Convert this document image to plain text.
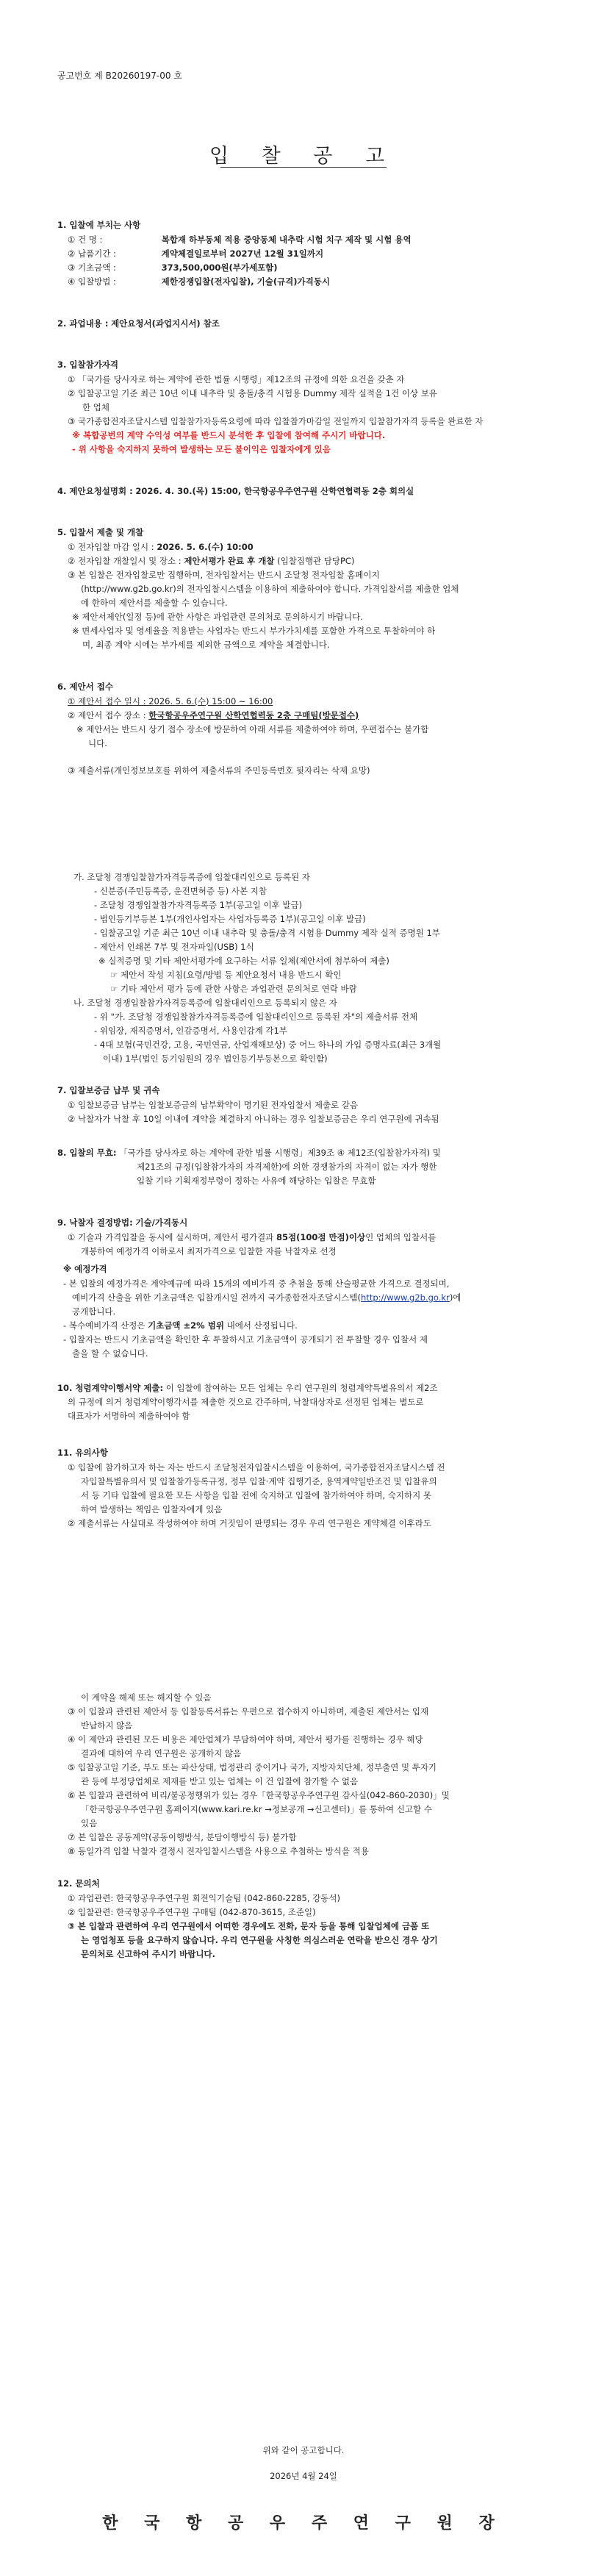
공고번호 제 B20260197-00 호
입 찰 공 고
1. 입찰에 부치는 사항
① 건 명 :	복합재 하부동체 적용 중앙동체 내추락 시험 치구 제작 및 시험 용역
② 납품기간 :	계약체결일로부터 2027년 12월 31일까지
③ 기초금액 :	373,500,000원(부가세포함)
④ 입찰방법 :	제한경쟁입찰(전자입찰), 기술(규격)가격동시
2. 과업내용 : 제안요청서(과업지시서) 참조
3. 입찰참가자격
① 「국가를 당사자로 하는 계약에 관한 법률 시행령」제12조의 규정에 의한 요건을 갖춘 자
② 입찰공고일 기준 최근 10년 이내 내추락 및 충돌/충격 시험용 Dummy 제작 실적을 1건 이상 보유
한 업체
③ 국가종합전자조달시스템 입찰참가자등록요령에 따라 입찰참가마감일 전일까지 입찰참가자격 등록을 완료한 자
※ 복합공번의 계약 수익성 여부를 반드시 분석한 후 입찰에 참여해 주시기 바랍니다.
- 위 사항을 숙지하지 못하여 발생하는 모든 불이익은 입찰자에게 있음
4. 제안요청설명회 : 2026. 4. 30.(목) 15:00, 한국항공우주연구원 산학연협력동 2층 회의실
5. 입찰서 제출 및 개찰
① 전자입찰 마감 일시 : 2026. 5. 6.(수) 10:00
② 전자입찰 개찰일시 및 장소 : 제안서평가 완료 후 개찰 (입찰집행관 담당PC)
③ 본 입찰은 전자입찰로만 집행하며, 전자입찰서는 반드시 조달청 전자입찰 홈페이지
(http://www.g2b.go.kr)의 전자입찰시스템을 이용하여 제출하여야 합니다. 가격입찰서를 제출한 업체
에 한하여 제안서를 제출할 수 있습니다.
※ 제안서제안(일정 등)에 관한 사항은 과업관련 문의처로 문의하시기 바랍니다.
※ 면세사업자 및 영세율을 적용받는 사업자는 반드시 부가가치세를 포함한 가격으로 투찰하여야 하
며, 최종 계약 시에는 부가세를 제외한 금액으로 계약을 체결합니다.
6. 제안서 접수
① 제안서 접수 일시 : 2026. 5. 6.(수) 15:00 ~ 16:00
② 제안서 접수 장소 : 한국항공우주연구원 산학연협력동 2층 구매팀(방문접수)
※ 제안서는 반드시 상기 접수 장소에 방문하여 아래 서류를 제출하여야 하며, 우편접수는 불가합
니다.
③ 제출서류(개인정보보호를 위하여 제출서류의 주민등록번호 뒷자리는 삭제 요망)
가. 조달청 경쟁입찰참가자격등록증에 입찰대리인으로 등록된 자
- 신분증(주민등록증, 운전면허증 등) 사본 지참
- 조달청 경쟁입찰참가자격등록증 1부(공고일 이후 발급)
- 법인등기부등본 1부(개인사업자는 사업자등록증 1부)(공고일 이후 발급)
- 입찰공고일 기준 최근 10년 이내 내추락 및 충돌/충격 시험용 Dummy 제작 실적 증명원 1부
- 제안서 인쇄본 7부 및 전자파일(USB) 1식
※ 실적증명 및 기타 제안서평가에 요구하는 서류 일체(제안서에 첨부하여 제출)
☞ 제안서 작성 지침(요령/방법 등 제안요청서 내용 반드시 확인
☞ 기타 제안서 평가 등에 관한 사항은 과업관련 문의처로 연락 바람
나. 조달청 경쟁입찰참가자격등록증에 입찰대리인으로 등록되지 않은 자
- 위 "가. 조달청 경쟁입찰참가자격등록증에 입찰대리인으로 등록된 자"의 제출서류 전체
- 위임장, 재직증명서, 인감증명서, 사용인감계 각1부
- 4대 보험(국민건강, 고용, 국민연금, 산업재해보상) 중 어느 하나의 가입 증명자료(최근 3개월
이내) 1부(법인 등기임원의 경우 법인등기부등본으로 확인함)
7. 입찰보증금 납부 및 귀속
① 입찰보증금 납부는 입찰보증금의 납부확약이 명기된 전자입찰서 제출로 갈음
② 낙찰자가 낙찰 후 10일 이내에 계약을 체결하지 아니하는 경우 입찰보증금은 우리 연구원에 귀속됨
8. 입찰의 무효: 「국가를 당사자로 하는 계약에 관한 법률 시행령」제39조 ④ 제12조(입찰참가자격) 및
제21조의 규정(입찰참가자의 자격제한)에 의한 경쟁참가의 자격이 없는 자가 행한
입찰 기타 기획재정부령이 정하는 사유에 해당하는 입찰은 무효함
9. 낙찰자 결정방법: 기술/가격동시
① 기술과 가격입찰을 동시에 실시하며, 제안서 평가결과 85점(100점 만점)이상인 업체의 입찰서를
개봉하여 예정가격 이하로서 최저가격으로 입찰한 자를 낙찰자로 선정
※ 예정가격
- 본 입찰의 예정가격은 계약예규에 따라 15개의 예비가격 중 추첨을 통해 산술평균한 가격으로 결정되며,
예비가격 산출을 위한 기초금액은 입찰개시일 전까지 국가종합전자조달시스템(http://www.g2b.go.kr)에
공개합니다.
- 복수예비가격 산정은 기초금액 ±2% 범위 내에서 산정됩니다.
- 입찰자는 반드시 기초금액을 확인한 후 투찰하시고 기초금액이 공개되기 전 투찰할 경우 입찰서 제
출을 할 수 없습니다.
10. 청렴계약이행서약 제출: 이 입찰에 참여하는 모든 업체는 우리 연구원의 청렴계약특별유의서 제2조
의 규정에 의거 청렴계약이행각서를 제출한 것으로 간주하며, 낙찰대상자로 선정된 업체는 별도로
대표자가 서명하여 제출하여야 함
11. 유의사항
① 입찰에 참가하고자 하는 자는 반드시 조달청전자입찰시스템을 이용하여, 국가종합전자조달시스템 전
자입찰특별유의서 및 입찰참가등록규정, 정부 입찰·계약 집행기준, 용역계약일반조건 및 입찰유의
서 등 기타 입찰에 필요한 모든 사항을 입찰 전에 숙지하고 입찰에 참가하여야 하며, 숙지하지 못
하여 발생하는 책임은 입찰자에게 있음
② 제출서류는 사실대로 작성하여야 하며 거짓임이 판명되는 경우 우리 연구원은 계약체결 이후라도
이 계약을 해제 또는 해지할 수 있음
③ 이 입찰과 관련된 제안서 등 입찰등록서류는 우편으로 접수하지 아니하며, 제출된 제안서는 입재
반납하지 않음
④ 이 제안과 관련된 모든 비용은 제안업체가 부담하여야 하며, 제안서 평가를 진행하는 경우 해당
결과에 대하여 우리 연구원은 공개하지 않음
⑤ 입찰공고일 기준, 부도 또는 파산상태, 법정관리 중이거나 국가, 지방자치단체, 정부출연 및 투자기
관 등에 부정당업체로 제재를 받고 있는 업체는 이 건 입찰에 참가할 수 없음
⑥ 본 입찰과 관련하여 비리/불공정행위가 있는 경우「한국항공우주연구원 감사실(042-860-2030)」및
「한국항공우주연구원 홈페이지(www.kari.re.kr →정보공개 →신고센터)」를 통하여 신고할 수
있음
⑦ 본 입찰은 공동계약(공동이행방식, 분담이행방식 등) 불가함
⑧ 동일가격 입찰 낙찰자 결정시 전자입찰시스템을 사용으로 추첨하는 방식을 적용
12. 문의처
① 과업관련: 한국항공우주연구원 회전익기술팀 (042-860-2285, 강동석)
② 입찰관련: 한국항공우주연구원 구매팀 (042-870-3615, 조준일)
③ 본 입찰과 관련하여 우리 연구원에서 어떠한 경우에도 전화, 문자 등을 통해 입찰업체에 금품 또
는 영업청포 등을 요구하지 않습니다. 우리 연구원을 사칭한 의심스러운 연락을 받으신 경우 상기
문의처로 신고하여 주시기 바랍니다.
위와 같이 공고합니다.
2026년 4월 24일
한 국 항 공 우 주 연 구 원 장
